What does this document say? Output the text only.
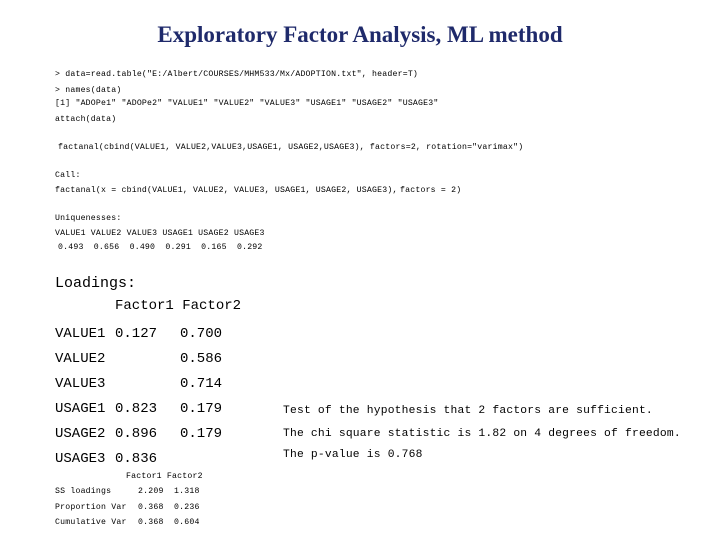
Exploratory Factor Analysis, ML method
> data=read.table("E:/Albert/COURSES/MHM533/Mx/ADOPTION.txt", header=T)
> names(data)
[1] "ADOPe1" "ADOPe2" "VALUE1" "VALUE2" "VALUE3" "USAGE1" "USAGE2" "USAGE3"
attach(data)
factanal(cbind(VALUE1, VALUE2,VALUE3,USAGE1, USAGE2,USAGE3), factors=2, rotation="varimax")
Call:
factanal(x = cbind(VALUE1, VALUE2, VALUE3, USAGE1, USAGE2, USAGE3), factors = 2)
Uniquenesses:
VALUE1 VALUE2 VALUE3 USAGE1 USAGE2 USAGE3
0.493  0.656  0.490  0.291  0.165  0.292
Loadings:
Factor1 Factor2
VALUE1 0.127 0.700
VALUE2	0.586
VALUE3	0.714
USAGE1 0.823 0.179
USAGE2 0.896 0.179
USAGE3 0.836
Test of the hypothesis that 2 factors are sufficient.
The chi square statistic is 1.82 on 4 degrees of freedom.
The p-value is 0.768
Factor1 Factor2
SS loadings	2.209 1.318
Proportion Var 0.368 0.236
Cumulative Var 0.368 0.604
